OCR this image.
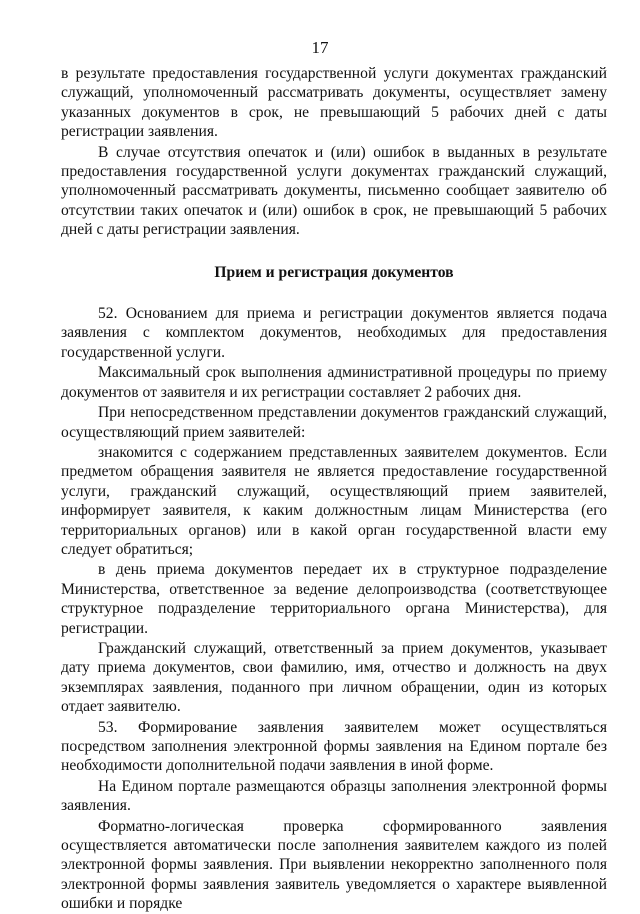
17

в результате предоставления государственной услуги документах гражданский служащий, уполномоченный рассматривать документы, осуществляет замену указанных документов в срок, не превышающий 5 рабочих дней с даты регистрации заявления.

В случае отсутствия опечаток и (или) ошибок в выданных в результате предоставления государственной услуги документах гражданский служащий, уполномоченный рассматривать документы, письменно сообщает заявителю об отсутствии таких опечаток и (или) ошибок в срок, не превышающий 5 рабочих дней с даты регистрации заявления.

Прием и регистрация документов

52. Основанием для приема и регистрации документов является подача заявления с комплектом документов, необходимых для предоставления государственной услуги.

Максимальный срок выполнения административной процедуры по приему документов от заявителя и их регистрации составляет 2 рабочих дня.

При непосредственном представлении документов гражданский служащий, осуществляющий прием заявителей:

знакомится с содержанием представленных заявителем документов. Если предметом обращения заявителя не является предоставление государственной услуги, гражданский служащий, осуществляющий прием заявителей, информирует заявителя, к каким должностным лицам Министерства (его территориальных органов) или в какой орган государственной власти ему следует обратиться;

в день приема документов передает их в структурное подразделение Министерства, ответственное за ведение делопроизводства (соответствующее структурное подразделение территориального органа Министерства), для регистрации.

Гражданский служащий, ответственный за прием документов, указывает дату приема документов, свои фамилию, имя, отчество и должность на двух экземплярах заявления, поданного при личном обращении, один из которых отдает заявителю.

53. Формирование заявления заявителем может осуществляться посредством заполнения электронной формы заявления на Едином портале без необходимости дополнительной подачи заявления в иной форме.

На Едином портале размещаются образцы заполнения электронной формы заявления.

Форматно-логическая проверка сформированного заявления осуществляется автоматически после заполнения заявителем каждого из полей электронной формы заявления. При выявлении некорректно заполненного поля электронной формы заявления заявитель уведомляется о характере выявленной ошибки и порядке
